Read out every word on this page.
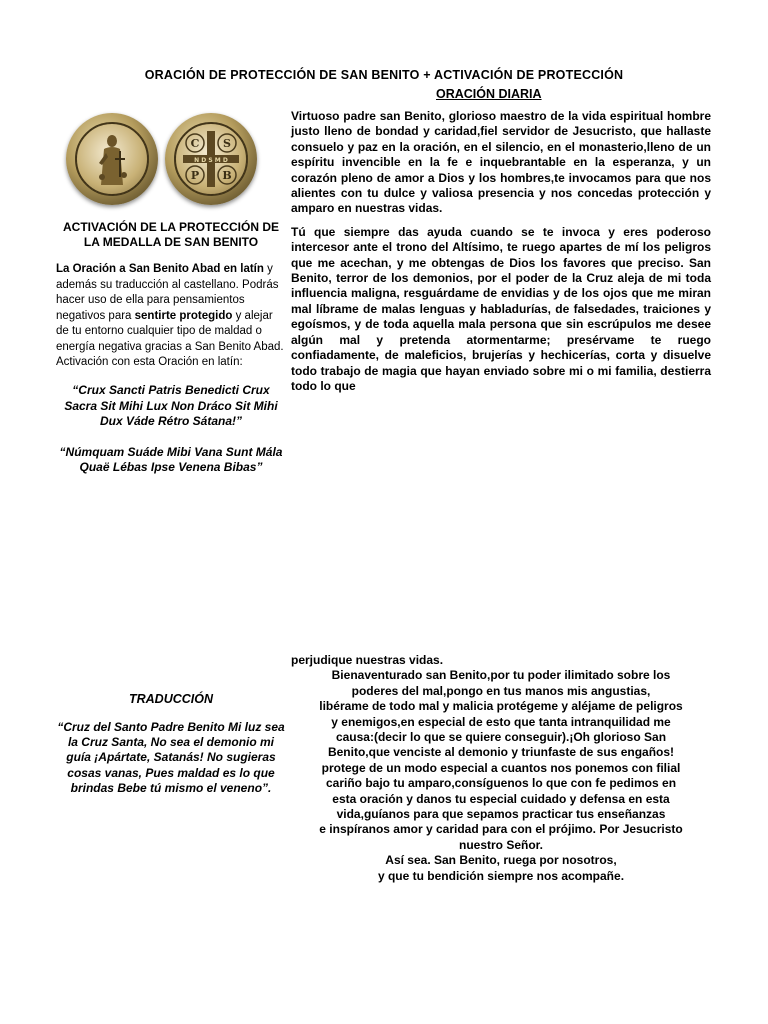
ORACIÓN DE PROTECCIÓN DE SAN BENITO + ACTIVACIÓN DE PROTECCIÓN
ORACIÓN DIARIA
C S
P B
N D S M D
ACTIVACIÓN DE LA PROTECCIÓN DE LA MEDALLA DE SAN BENITO
La Oración a San Benito Abad en latín y además su traducción al castellano. Podrás hacer uso de ella para pensamientos negativos para sentirte protegido y alejar de tu entorno cualquier tipo de maldad o energía negativa gracias a San Benito Abad. Activación con esta Oración en latín:

“Crux Sancti Patris Benedicti Crux Sacra Sit Mihi Lux Non Dráco Sit Mihi Dux Váde Rétro Sátana!”

“Númquam Suáde Mibi Vana Sunt Mála Quaë Lébas Ipse Venena Bibas”

TRADUCCIÓN
“Cruz del Santo Padre Benito Mi luz sea la Cruz Santa, No sea el demonio mi guía ¡Apártate, Satanás! No sugieras cosas vanas, Pues maldad es lo que brindas Bebe tú mismo el veneno”.

Virtuoso padre san Benito, glorioso maestro de la vida espiritual hombre justo lleno de bondad y caridad,fiel servidor de Jesucristo, que hallaste consuelo y paz en la oración, en el silencio, en el monasterio,lleno de un espíritu invencible en la fe e inquebrantable en la esperanza, y un corazón pleno de amor a Dios y los hombres,te invocamos para que nos alientes con tu dulce y valiosa presencia y nos concedas protección y amparo en nuestras vidas.

Tú que siempre das ayuda cuando se te invoca y eres poderoso intercesor ante el trono del Altísimo, te ruego apartes de mí los peligros que me acechan, y me obtengas de Dios los favores que preciso. San Benito, terror de los demonios, por el poder de la Cruz aleja de mi toda influencia maligna, resguárdame de envidias y de los ojos que me miran mal líbrame de malas lenguas y habladurías, de falsedades, traiciones y egoísmos, y de toda aquella mala persona que sin escrúpulos me desee algún mal y pretenda atormentarme; presérvame te ruego confiadamente, de maleficios, brujerías y hechicerías, corta y disuelve todo trabajo de magia que hayan enviado sobre mi o mi familia, destierra todo lo que

perjudique nuestras vidas.

Bienaventurado san Benito,por tu poder ilimitado sobre los

poderes del mal,pongo en tus manos mis angustias,

libérame de todo mal y malicia protégeme y aléjame de peligros

y enemigos,en especial de esto que tanta intranquilidad me

causa:(decir lo que se quiere conseguir).¡Oh glorioso San

Benito,que venciste al demonio y triunfaste de sus engaños!

protege de un modo especial a cuantos nos ponemos con filial

cariño bajo tu amparo,consíguenos lo que con fe pedimos en

esta oración y danos tu especial cuidado y defensa en esta

vida,guíanos para que sepamos practicar tus enseñanzas

e inspíranos amor y caridad para con el prójimo. Por Jesucristo

nuestro Señor.

Así sea. San Benito, ruega por nosotros,

y que tu bendición siempre nos acompañe.
